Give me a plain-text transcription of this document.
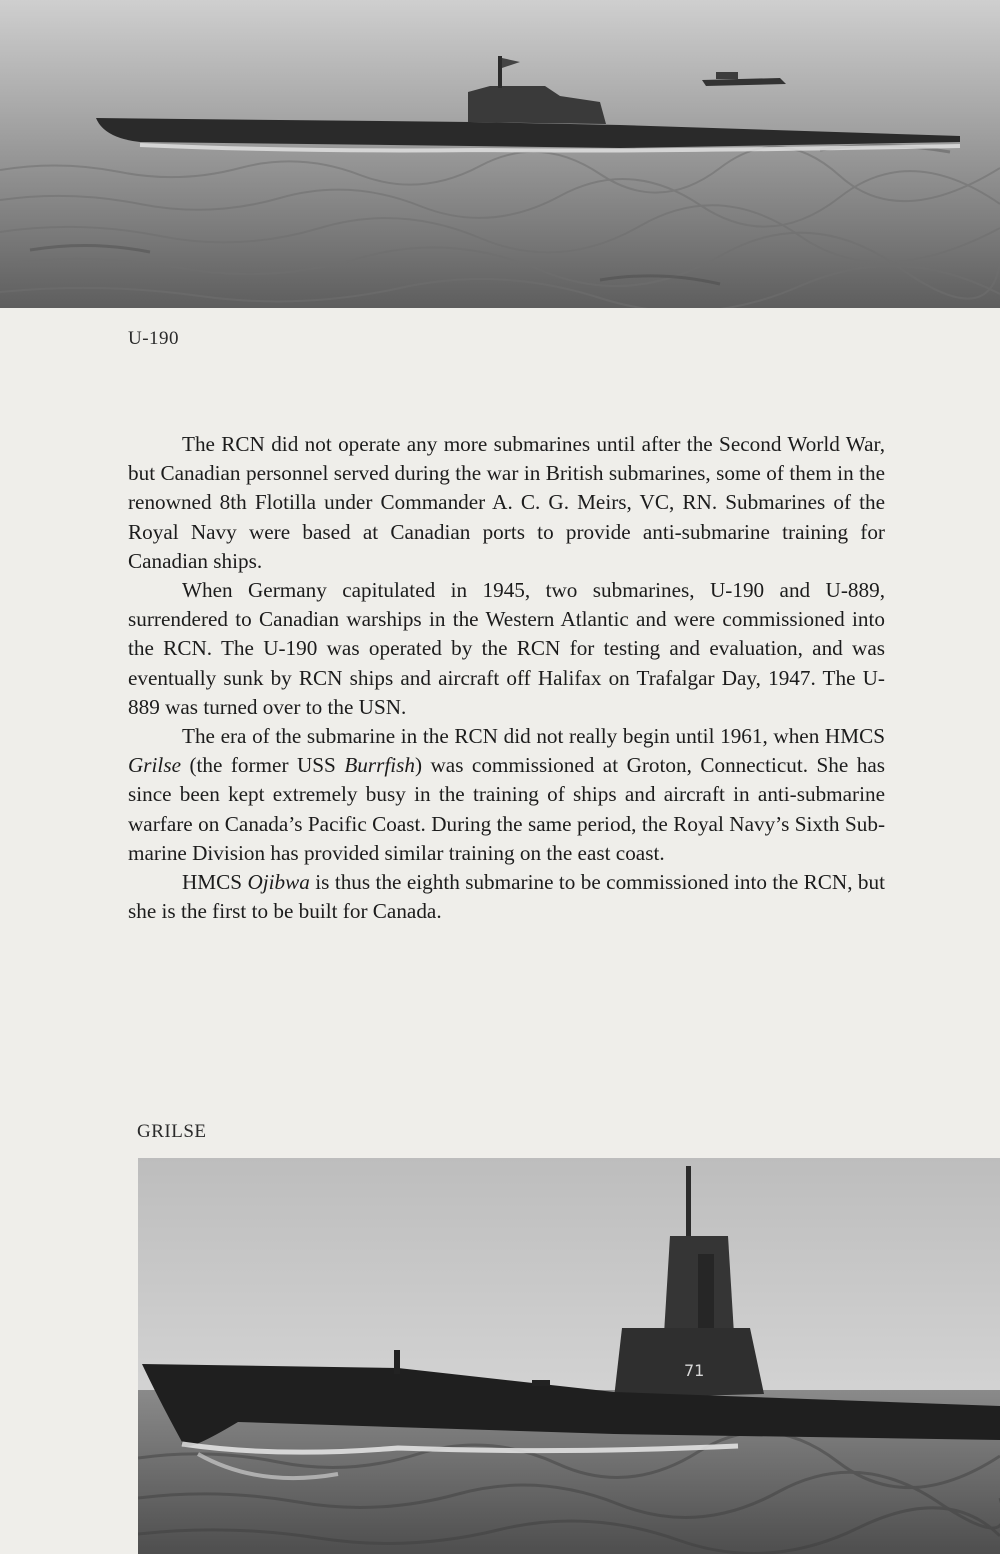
U-190

The RCN did not operate any more submarines until after the Second World War, but Canadian personnel served during the war in British submarines, some of them in the renowned 8th Flotilla under Commander A. C. G. Meirs, VC, RN. Submarines of the Royal Navy were based at Canadian ports to provide anti-submarine training for Canadian ships.

When Germany capitulated in 1945, two submarines, U-190 and U-889, surrendered to Canadian warships in the Western Atlantic and were commissioned into the RCN. The U-190 was operated by the RCN for testing and evaluation, and was eventually sunk by RCN ships and aircraft off Halifax on Trafalgar Day, 1947. The U-889 was turned over to the USN.

The era of the submarine in the RCN did not really begin until 1961, when HMCS Grilse (the former USS Burrfish) was commissioned at Groton, Connecticut. She has since been kept extremely busy in the training of ships and aircraft in anti-submarine warfare on Canada’s Pacific Coast. During the same period, the Royal Navy’s Sixth Submarine Division has provided similar training on the east coast.

HMCS Ojibwa is thus the eighth submarine to be commissioned into the RCN, but she is the first to be built for Canada.

GRILSE
71
